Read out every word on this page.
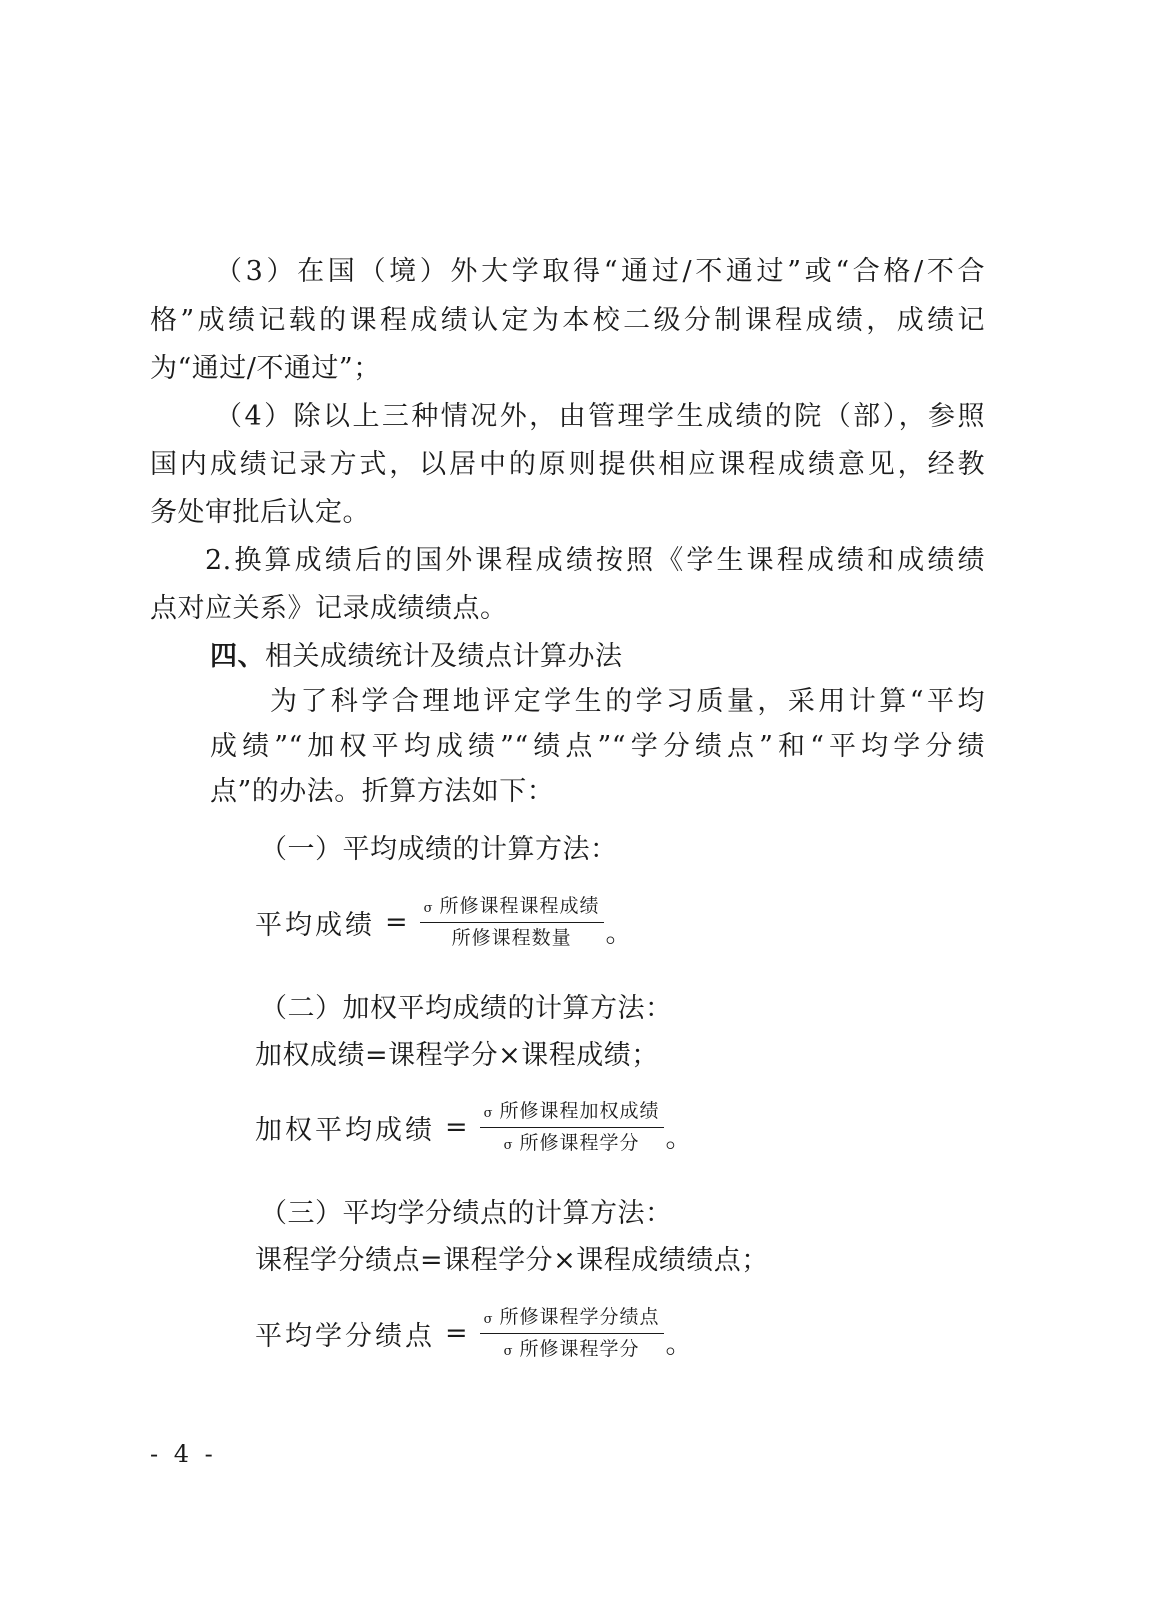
（3）在国（境）外大学取得“通过/不通过”或“合格/不合

格”成绩记载的课程成绩认定为本校二级分制课程成绩，成绩记

为“通过/不通过”；

（4）除以上三种情况外，由管理学生成绩的院（部），参照

国内成绩记录方式，以居中的原则提供相应课程成绩意见，经教

务处审批后认定。

2.换算成绩后的国外课程成绩按照《学生课程成绩和成绩绩

点对应关系》记录成绩绩点。

四、相关成绩统计及绩点计算办法

为了科学合理地评定学生的学习质量，采用计算“平均

成绩”“加权平均成绩”“绩点”“学分绩点”和“平均学分绩

点”的办法。折算方法如下：

（一）平均成绩的计算方法：

平均成绩 = $\frac{\text{σ 所修课程课程成绩}}{\text{所修课程数量}}$ 。

（二）加权平均成绩的计算方法：

加权成绩=课程学分×课程成绩；

加权平均成绩 = $\frac{\text{σ 所修课程加权成绩}}{\text{σ 所修课程学分}}$ 。

（三）平均学分绩点的计算方法：

课程学分绩点=课程学分×课程成绩绩点；

平均学分绩点 = $\frac{\text{σ 所修课程学分绩点}}{\text{σ 所修课程学分}}$ 。
- 4 -
